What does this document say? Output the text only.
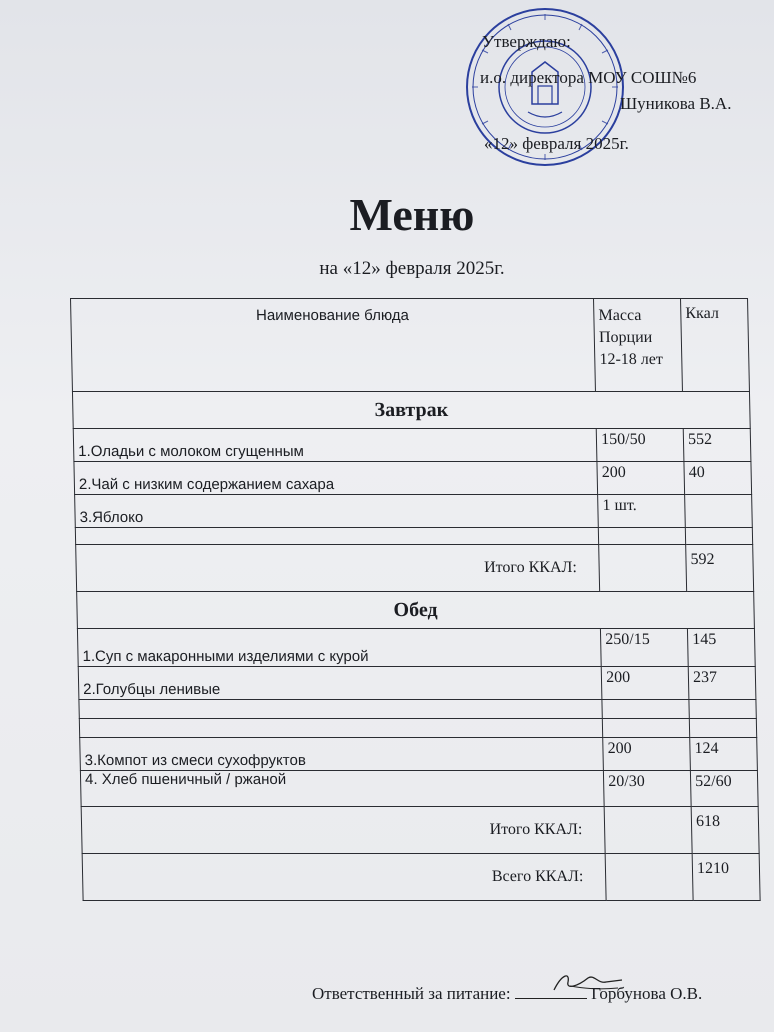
Утверждаю:
и.о. директора МОУ СОШ№6
Шуникова В.А.
«12» февраля 2025г.
Меню
на «12» февраля 2025г.
Наименование блюда	Масса Порции 12-18 лет	Ккал
Завтрак		
1.Оладьи с молоком сгущенным	150/50	552
2.Чай с низким содержанием сахара	200	40
3.Яблоко	1 шт.	

Итого ККАЛ:		592
Обед		
1.Суп с макаронными изделиями с курой	250/15	145
2.Голубцы ленивые	200	237

3.Компот из смеси сухофруктов	200	124
4. Хлеб пшеничный / ржаной	20/30	52/60
Итого ККАЛ:		618
Всего ККАЛ:		1210
Ответственный за питание:	Горбунова О.В.
